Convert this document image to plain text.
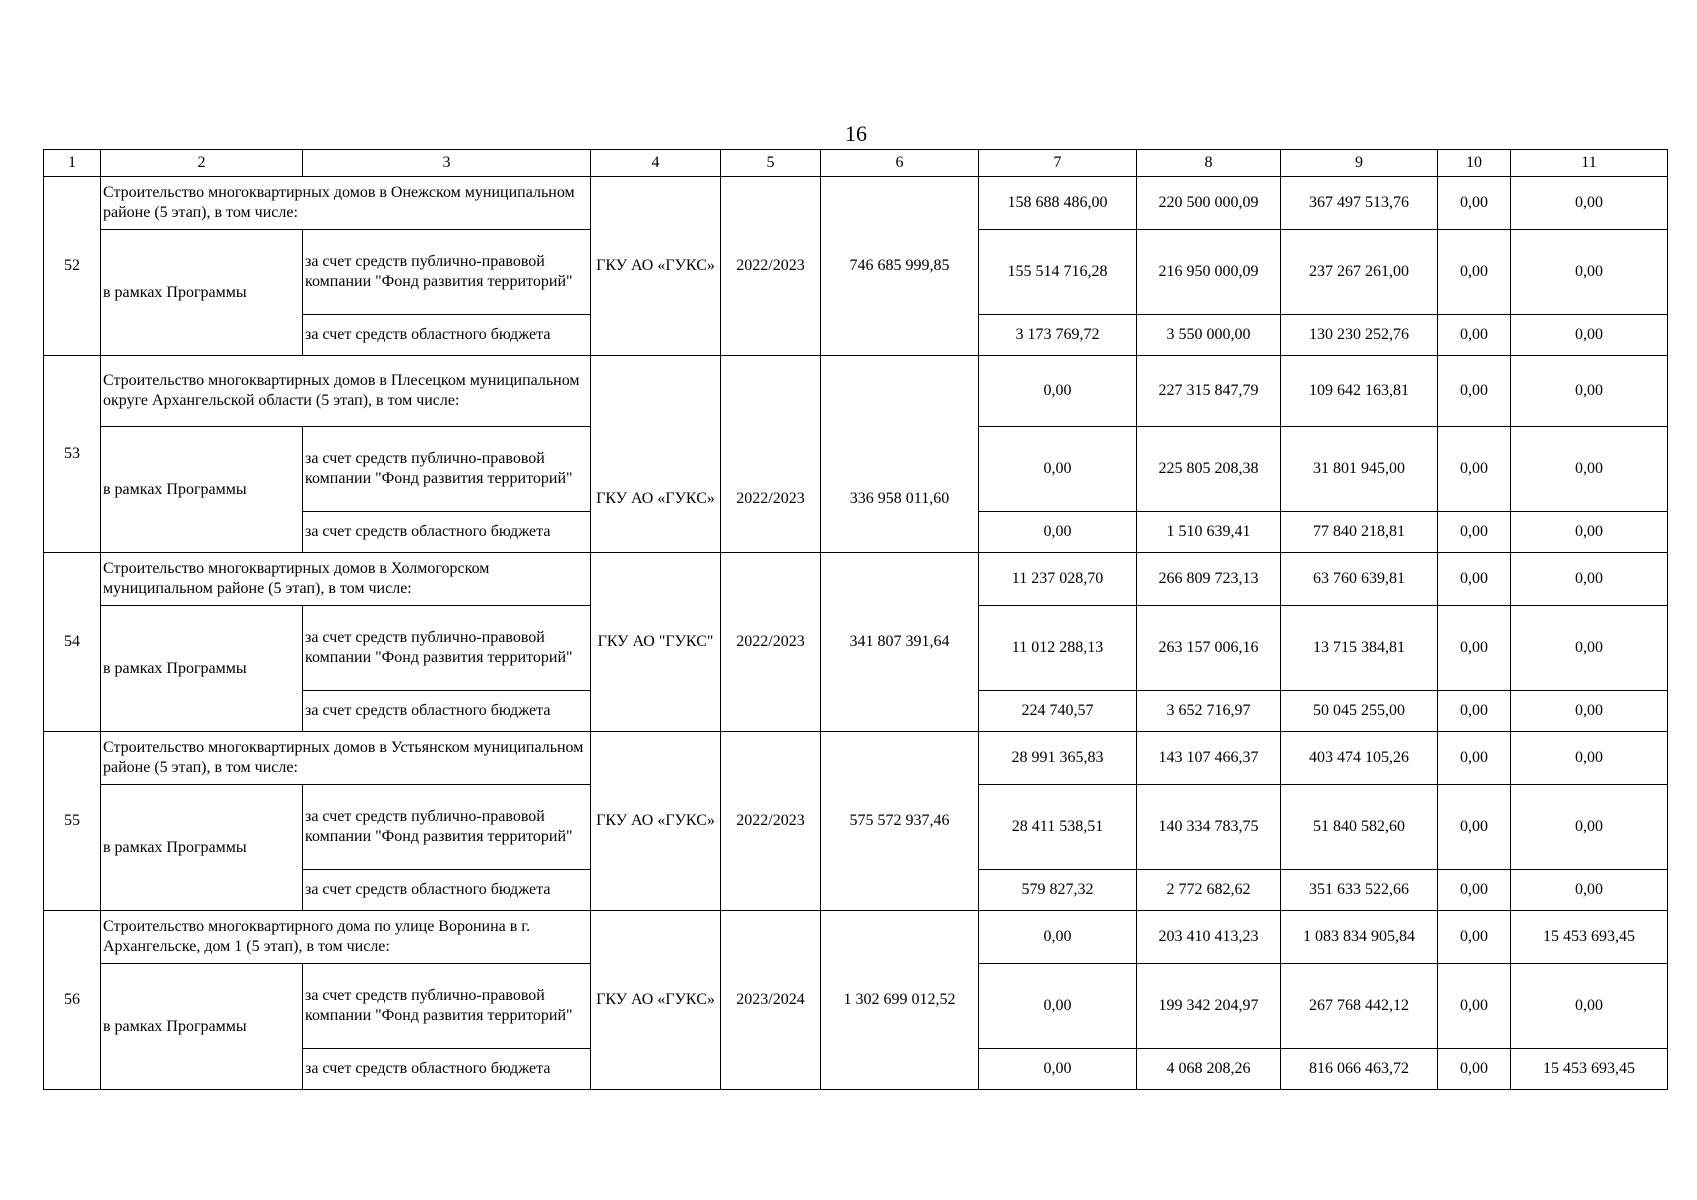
16
1	2	3	4	5	6	7	8	9	10	11
52	Строительство многоквартирных домов в Онежском муниципальном районе (5 этап), в том числе:		ГКУ АО «ГУКС»	2022/2023	746 685 999,85	158 688 486,00	220 500 000,09	367 497 513,76	0,00	0,00
	в рамках Программы	за счет средств публично-правовой компании "Фонд развития территорий"				155 514 716,28	216 950 000,09	237 267 261,00	0,00	0,00
		за счет средств областного бюджета				3 173 769,72	3 550 000,00	130 230 252,76	0,00	0,00
53	Строительство многоквартирных домов в Плесецком муниципальном округе Архангельской области (5 этап), в том числе:		ГКУ АО «ГУКС»	2022/2023	336 958 011,60	0,00	227 315 847,79	109 642 163,81	0,00	0,00
	в рамках Программы	за счет средств публично-правовой компании "Фонд развития территорий"				0,00	225 805 208,38	31 801 945,00	0,00	0,00
		за счет средств областного бюджета				0,00	1 510 639,41	77 840 218,81	0,00	0,00
54	Строительство многоквартирных домов в Холмогорском муниципальном районе (5 этап), в том числе:		ГКУ АО "ГУКС"	2022/2023	341 807 391,64	11 237 028,70	266 809 723,13	63 760 639,81	0,00	0,00
	в рамках Программы	за счет средств публично-правовой компании "Фонд развития территорий"				11 012 288,13	263 157 006,16	13 715 384,81	0,00	0,00
		за счет средств областного бюджета				224 740,57	3 652 716,97	50 045 255,00	0,00	0,00
55	Строительство многоквартирных домов в Устьянском муниципальном районе (5 этап), в том числе:		ГКУ АО «ГУКС»	2022/2023	575 572 937,46	28 991 365,83	143 107 466,37	403 474 105,26	0,00	0,00
	в рамках Программы	за счет средств публично-правовой компании "Фонд развития территорий"				28 411 538,51	140 334 783,75	51 840 582,60	0,00	0,00
		за счет средств областного бюджета				579 827,32	2 772 682,62	351 633 522,66	0,00	0,00
56	Строительство многоквартирного дома по улице Воронина в г. Архангельске, дом 1 (5 этап), в том числе:		ГКУ АО «ГУКС»	2023/2024	1 302 699 012,52	0,00	203 410 413,23	1 083 834 905,84	0,00	15 453 693,45
	в рамках Программы	за счет средств публично-правовой компании "Фонд развития территорий"				0,00	199 342 204,97	267 768 442,12	0,00	0,00
		за счет средств областного бюджета				0,00	4 068 208,26	816 066 463,72	0,00	15 453 693,45
